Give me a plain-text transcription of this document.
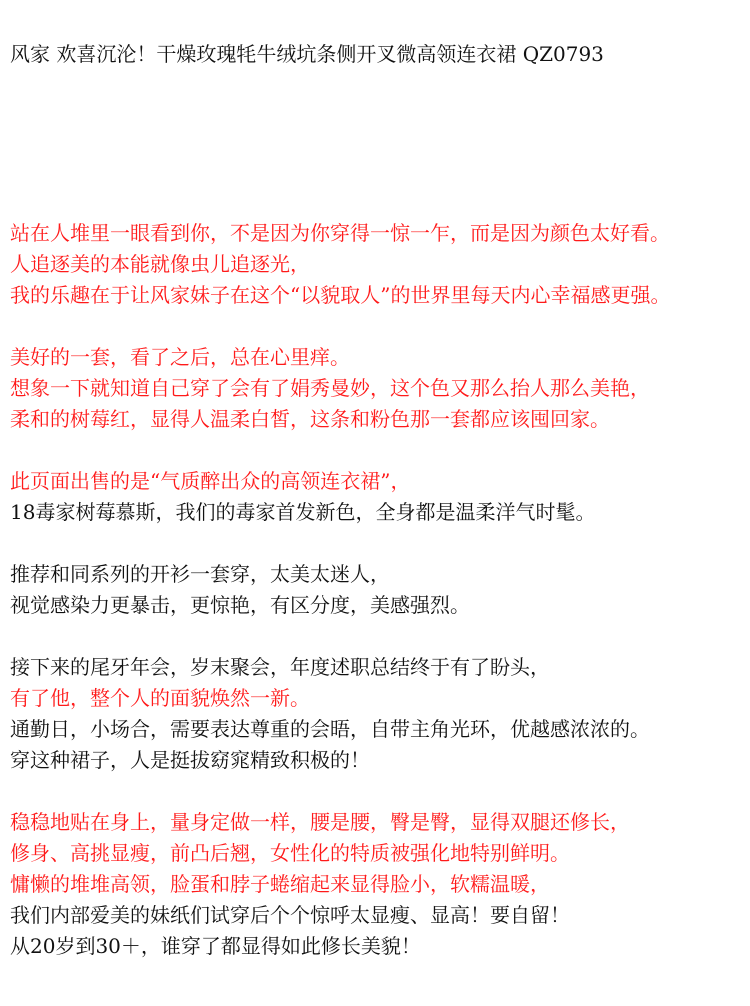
风家 欢喜沉沦！干燥玫瑰牦牛绒坑条侧开叉微高领连衣裙 QZ0793
站在人堆里一眼看到你，不是因为你穿得一惊一乍，而是因为颜色太好看。
人追逐美的本能就像虫儿追逐光，
我的乐趣在于让风家妹子在这个“以貌取人”的世界里每天内心幸福感更强。
美好的一套，看了之后，总在心里痒。
想象一下就知道自己穿了会有了娟秀曼妙，这个色又那么抬人那么美艳，
柔和的树莓红，显得人温柔白皙，这条和粉色那一套都应该囤回家。
此页面出售的是“气质醉出众的高领连衣裙”，
18毒家树莓慕斯，我们的毒家首发新色，全身都是温柔洋气时髦。
推荐和同系列的开衫一套穿，太美太迷人，
视觉感染力更暴击，更惊艳，有区分度，美感强烈。
接下来的尾牙年会，岁末聚会，年度述职总结终于有了盼头，
有了他，整个人的面貌焕然一新。
通勤日，小场合，需要表达尊重的会晤，自带主角光环，优越感浓浓的。
穿这种裙子，人是挺拔窈窕精致积极的！
稳稳地贴在身上，量身定做一样，腰是腰，臀是臀，显得双腿还修长，
修身、高挑显瘦，前凸后翘，女性化的特质被强化地特别鲜明。
慵懒的堆堆高领，脸蛋和脖子蜷缩起来显得脸小，软糯温暖，
我们内部爱美的妹纸们试穿后个个惊呼太显瘦、显高！要自留！
从20岁到30＋，谁穿了都显得如此修长美貌！
